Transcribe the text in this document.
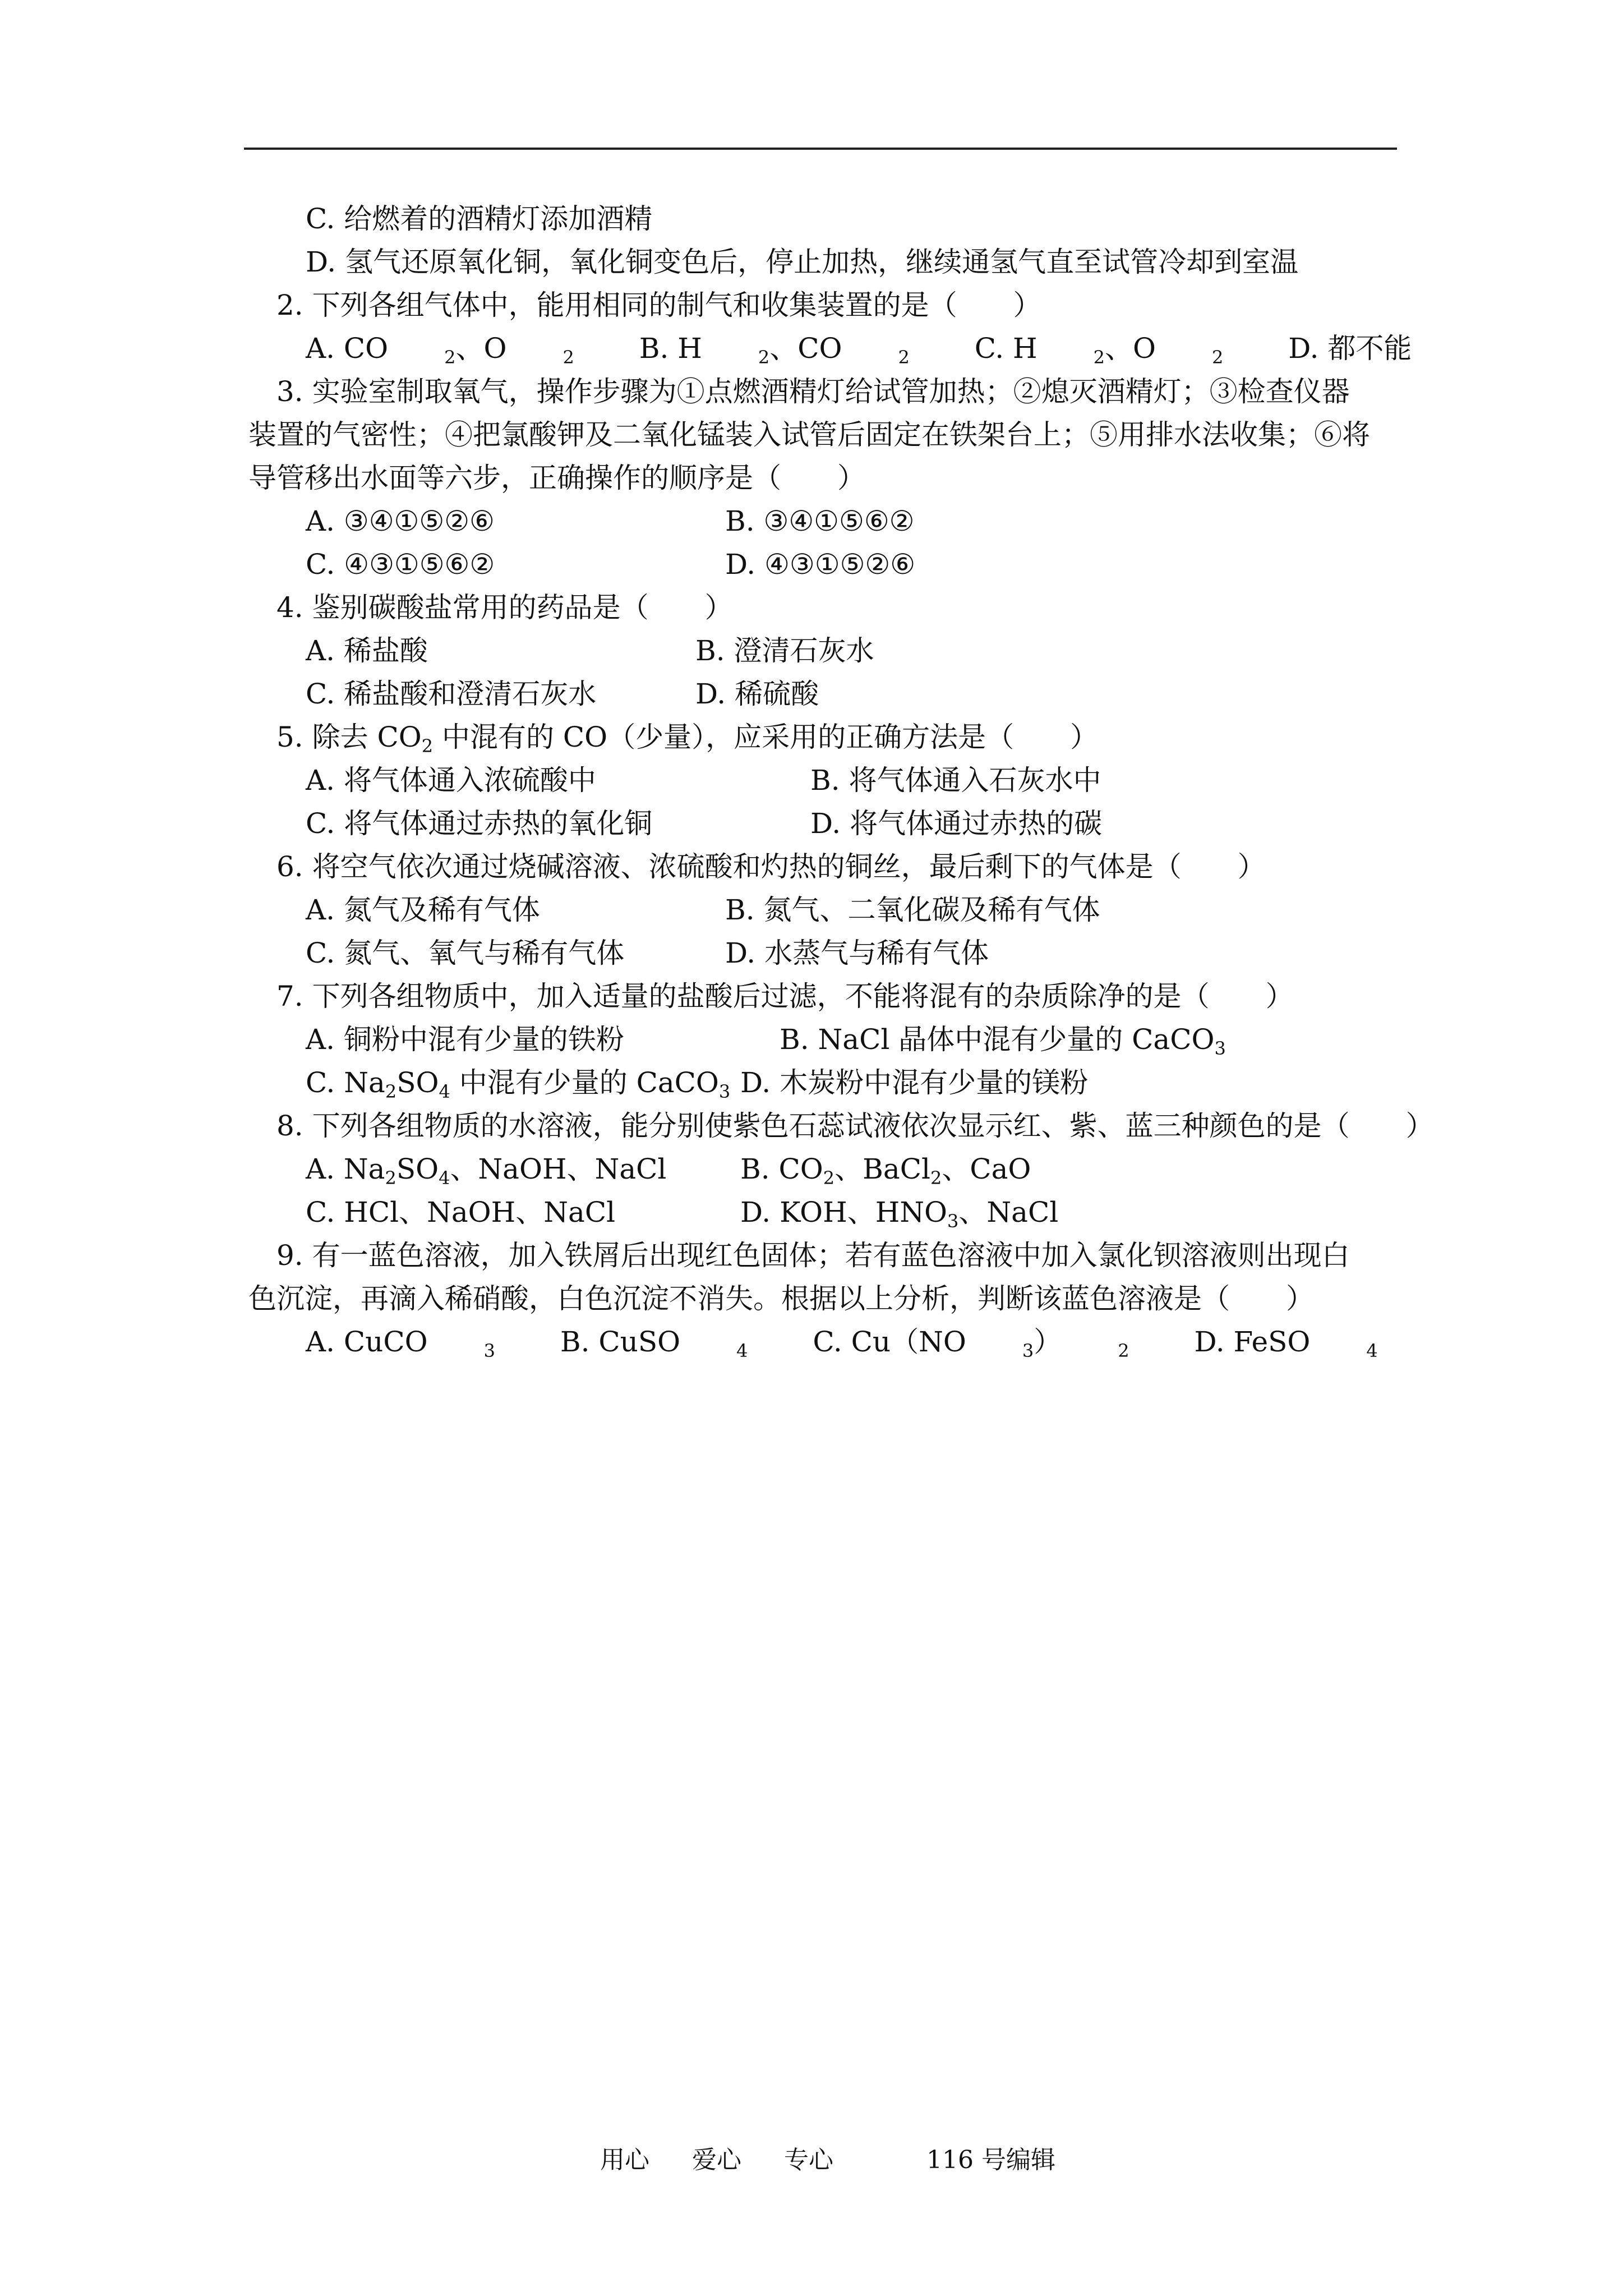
C. 给燃着的酒精灯添加酒精
D. 氢气还原氧化铜，氧化铜变色后，停止加热，继续通氢气直至试管冷却到室温
2. 下列各组气体中，能用相同的制气和收集装置的是（　　）
A. CO	$_2$、O	$_2$ B. H	$_2$、CO	$_2$ C. H	$_2$、O	$_2$ D. 都不能
3. 实验室制取氧气，操作步骤为①点燃酒精灯给试管加热；②熄灭酒精灯；③检查仪器
装置的气密性；④把氯酸钾及二氧化锰装入试管后固定在铁架台上；⑤用排水法收集；⑥将
导管移出水面等六步，正确操作的顺序是（　　）
A. ③④①⑤②⑥	B. ③④①⑤⑥②
C. ④③①⑤⑥②	D. ④③①⑤②⑥
4. 鉴别碳酸盐常用的药品是（　　）
A. 稀盐酸	B. 澄清石灰水
C. 稀盐酸和澄清石灰水	D. 稀硫酸
5. 除去 $CO_2$ 中混有的 CO（少量），应采用的正确方法是（　　）
A. 将气体通入浓硫酸中	B. 将气体通入石灰水中
C. 将气体通过赤热的氧化铜	D. 将气体通过赤热的碳
6. 将空气依次通过烧碱溶液、浓硫酸和灼热的铜丝，最后剩下的气体是（　　）
A. 氮气及稀有气体	B. 氮气、二氧化碳及稀有气体
C. 氮气、氧气与稀有气体	D. 水蒸气与稀有气体
7. 下列各组物质中，加入适量的盐酸后过滤，不能将混有的杂质除净的是（　　）
A. 铜粉中混有少量的铁粉	B. NaCl 晶体中混有少量的 CaCO$_3$
C. $Na_2SO_4$ 中混有少量的 CaCO$_3$ D. 木炭粉中混有少量的镁粉
8. 下列各组物质的水溶液，能分别使紫色石蕊试液依次显示红、紫、蓝三种颜色的是（　　）
A. $Na_2SO_4$、NaOH、NaCl	B. $CO_2$、BaCl$_2$、CaO
C. HCl、NaOH、NaCl	D. KOH、$HNO_3$、NaCl
9. 有一蓝色溶液，加入铁屑后出现红色固体；若有蓝色溶液中加入氯化钡溶液则出现白
色沉淀，再滴入稀硝酸，白色沉淀不消失。根据以上分析，判断该蓝色溶液是（　　）
A. CuCO	$_3$ B. CuSO	$_4$ C. Cu（NO	$_3$）	$_2$ D. FeSO	$_4$
用心 爱心 专心	116 号编辑
